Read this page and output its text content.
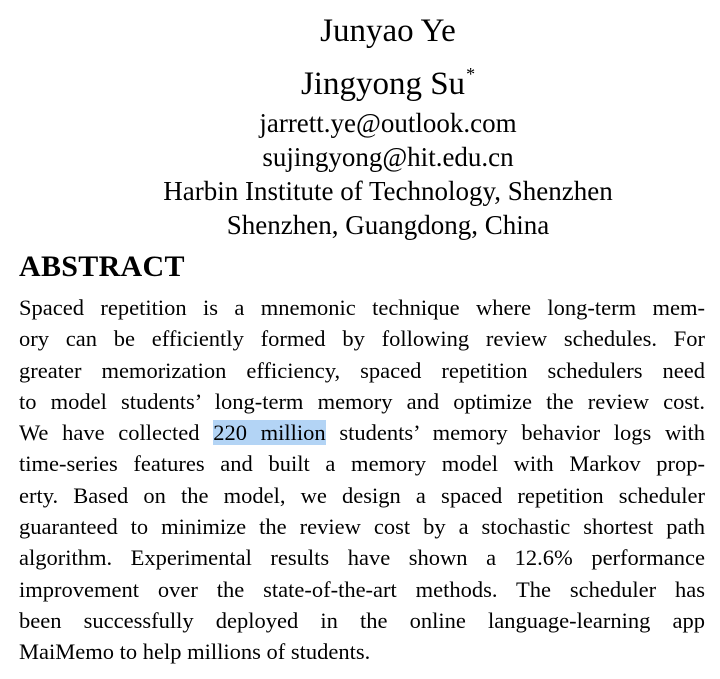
Junyao Ye

Jingyong Su*

jarrett.ye@outlook.com

sujingyong@hit.edu.cn

Harbin Institute of Technology, Shenzhen

Shenzhen, Guangdong, China

ABSTRACT
Spaced repetition is a mnemonic technique where long-term mem-
ory can be efficiently formed by following review schedules. For
greater memorization efficiency, spaced repetition schedulers need
to model students’ long-term memory and optimize the review cost.
We have collected 220 million students’ memory behavior logs with
time-series features and built a memory model with Markov prop-
erty. Based on the model, we design a spaced repetition scheduler
guaranteed to minimize the review cost by a stochastic shortest path
algorithm. Experimental results have shown a 12.6% performance
improvement over the state-of-the-art methods. The scheduler has
been successfully deployed in the online language-learning app
MaiMemo to help millions of students.
